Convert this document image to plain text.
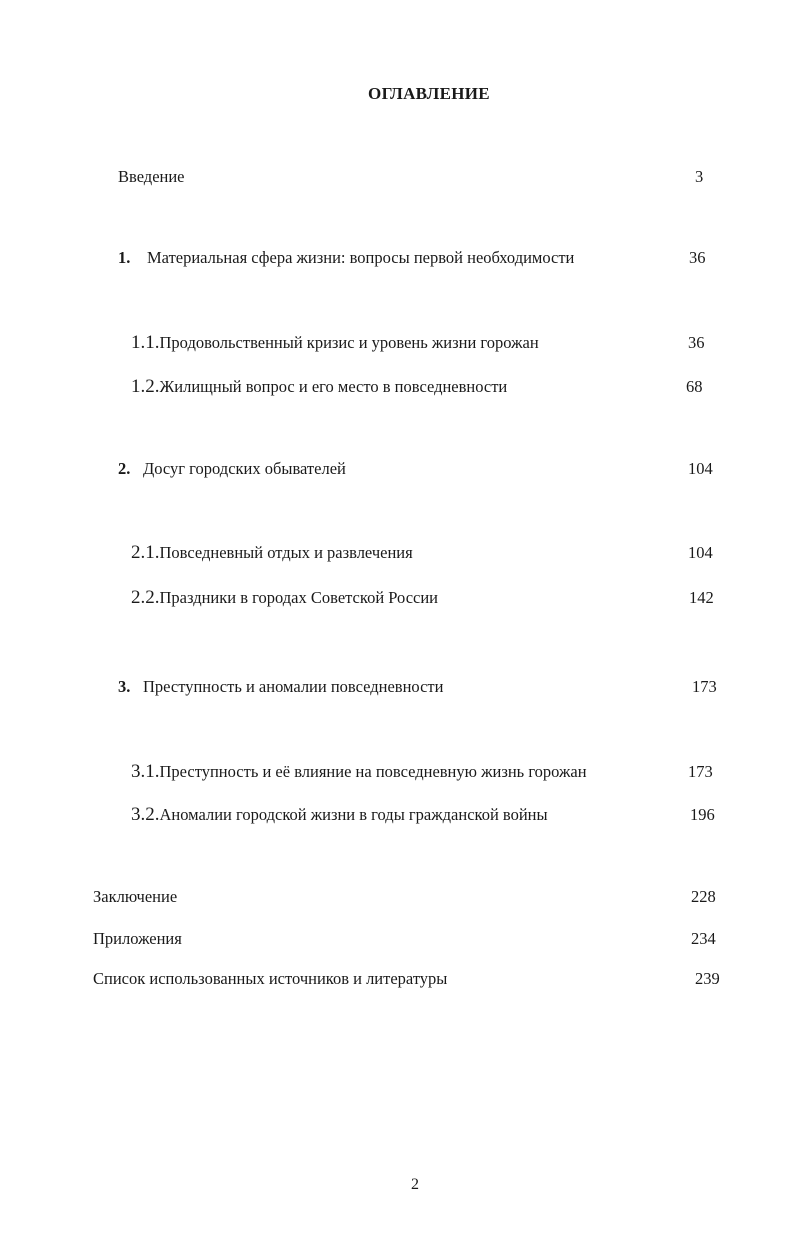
ОГЛАВЛЕНИЕ
Введение	3
1. Материальная сфера жизни: вопросы первой необходимости	36
1.1.Продовольственный кризис и уровень жизни горожан	36
1.2.Жилищный вопрос и его место в повседневности	68
2. Досуг городских обывателей	104
2.1.Повседневный отдых и развлечения	104
2.2.Праздники в городах Советской России	142
3. Преступность и аномалии повседневности	173
3.1.Преступность и её влияние на повседневную жизнь горожан	173
3.2.Аномалии городской жизни в годы гражданской войны	196
Заключение	228
Приложения	234
Список использованных источников и литературы	239
2
